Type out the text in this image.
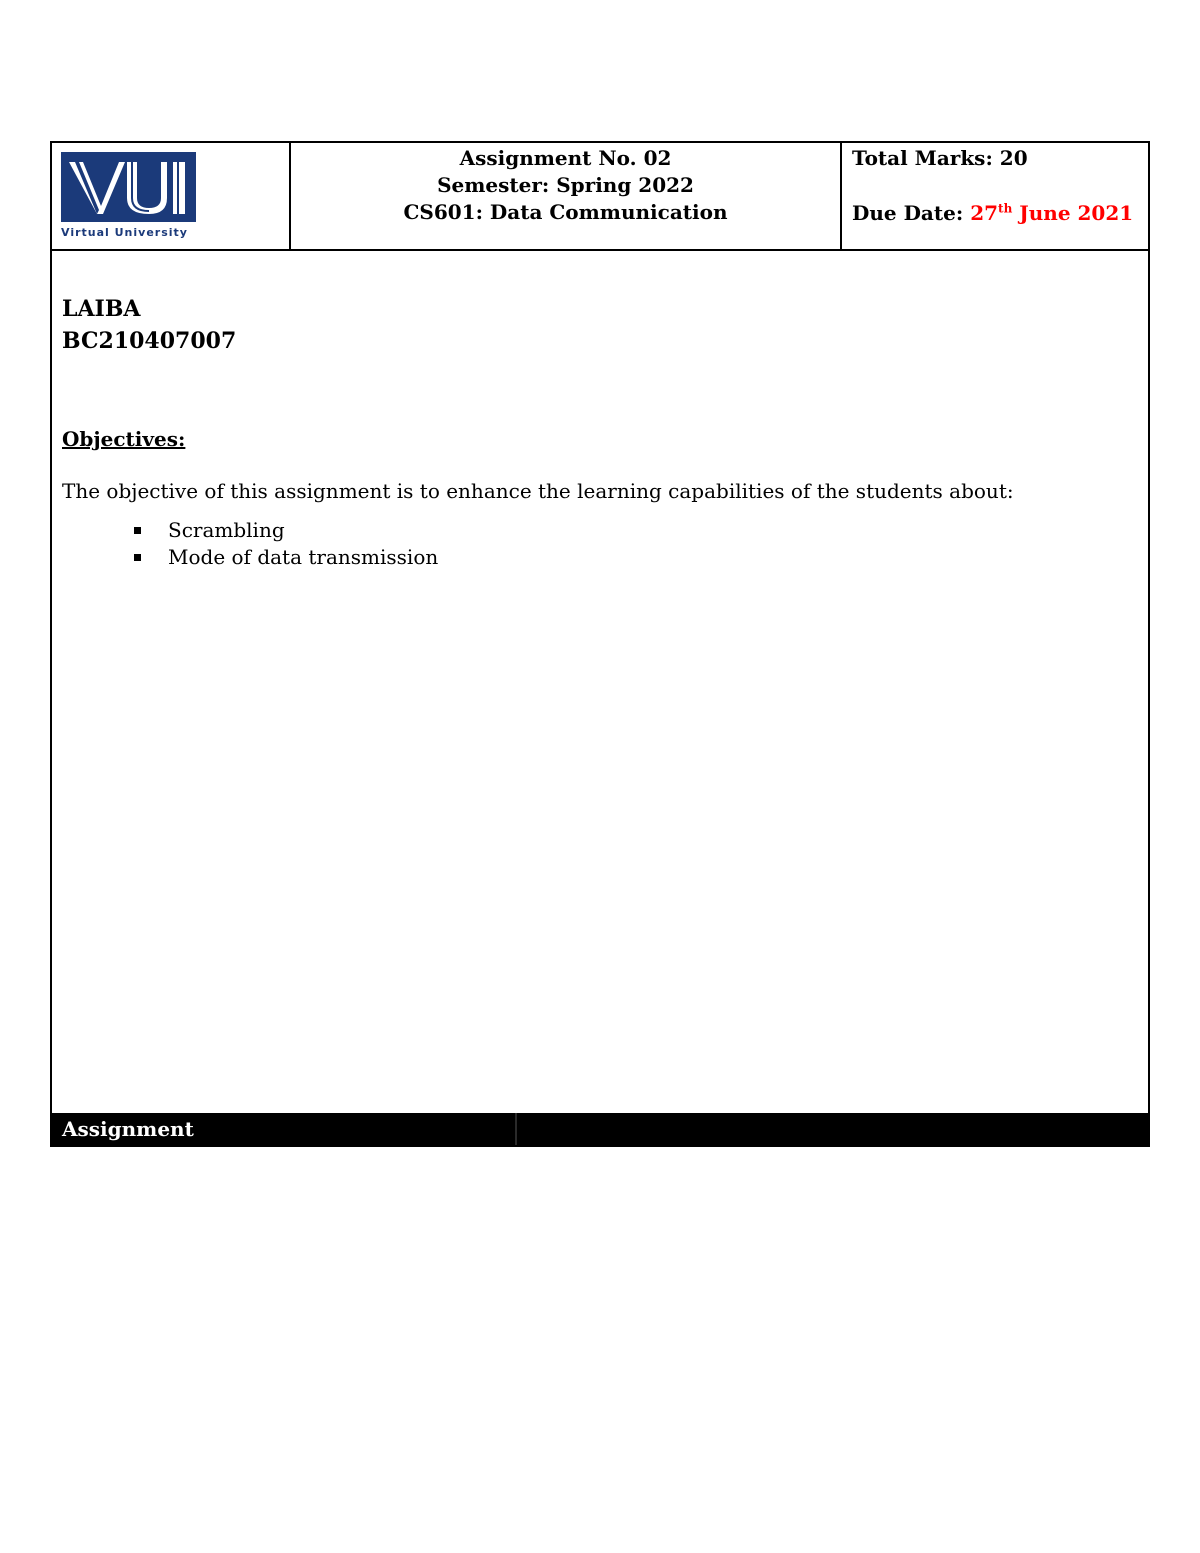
Virtual University
Assignment No. 02
Semester: Spring 2022
CS601: Data Communication
Total Marks: 20
Due Date: 27th June 2021
LAIBA
BC210407007
Objectives:
The objective of this assignment is to enhance the learning capabilities of the students about:
Scrambling
Mode of data transmission
Assignment
